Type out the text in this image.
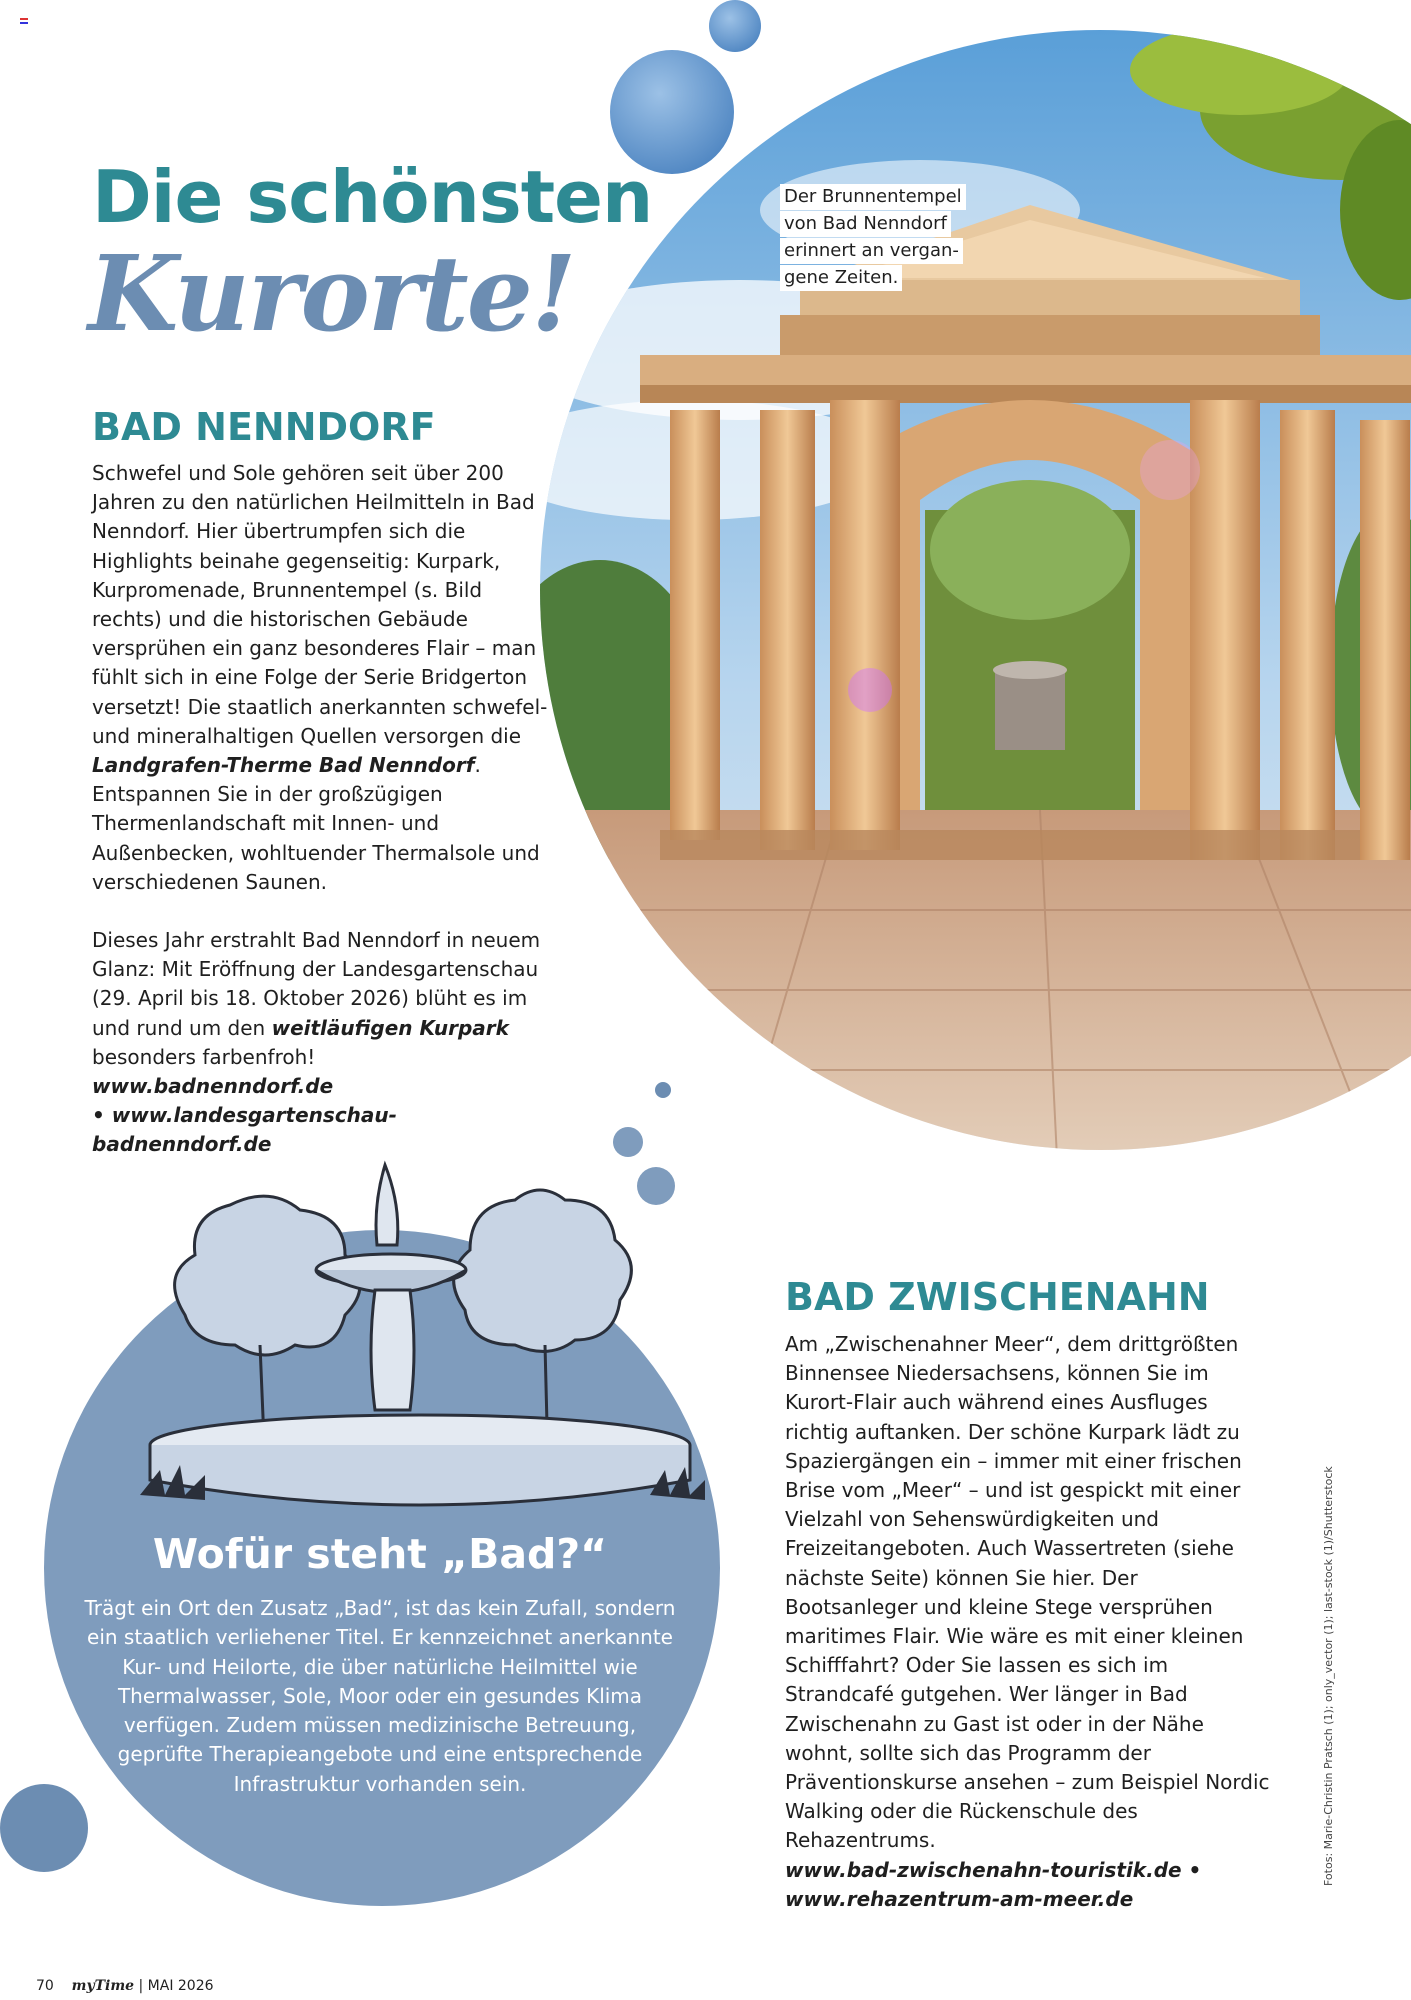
Die schönsten
Kurorte!
Der Brunnentempel
von Bad Nenndorf
erinnert an vergan-
gene Zeiten.
BAD NENNDORF

Schwefel und Sole gehören seit über 200 Jahren zu den natürlichen Heilmitteln in Bad Nenndorf. Hier übertrumpfen sich die Highlights beinahe gegenseitig: Kurpark, Kurpromenade, Brunnentempel (s. Bild rechts) und die historischen Gebäude versprühen ein ganz besonderes Flair – man fühlt sich in eine Folge der Serie Bridgerton versetzt! Die staatlich anerkannten schwefel- und mineralhaltigen Quellen versorgen die Landgrafen-Therme Bad Nenndorf. Entspannen Sie in der großzügigen Thermenlandschaft mit Innen- und Außenbecken, wohltuender Thermalsole und verschiedenen Saunen.

Dieses Jahr erstrahlt Bad Nenndorf in neuem Glanz: Mit Eröffnung der Landesgartenschau (29. April bis 18. Oktober 2026) blüht es im und rund um den weitläufigen Kurpark besonders farbenfroh! www.badnenndorf.de
• www.landesgartenschau-badnenndorf.de

Wofür steht „Bad?“
Trägt ein Ort den Zusatz „Bad“, ist das kein Zufall, sondern ein staatlich verliehener Titel. Er kennzeichnet anerkannte Kur- und Heilorte, die über natürliche Heilmittel wie Thermalwasser, Sole, Moor oder ein gesundes Klima verfügen. Zudem müssen medizinische Betreuung, geprüfte Therapieangebote und eine entsprechende Infrastruktur vorhanden sein.
BAD ZWISCHENAHN

Am „Zwischenahner Meer“, dem drittgrößten Binnensee Niedersachsens, können Sie im Kurort-Flair auch während eines Ausfluges richtig auftanken. Der schöne Kurpark lädt zu Spaziergängen ein – immer mit einer frischen Brise vom „Meer“ – und ist gespickt mit einer Vielzahl von Sehenswürdigkeiten und Freizeitangeboten. Auch Wassertreten (siehe nächste Seite) können Sie hier. Der Bootsanleger und kleine Stege versprühen maritimes Flair. Wie wäre es mit einer kleinen Schifffahrt? Oder Sie lassen es sich im Strandcafé gutgehen. Wer länger in Bad Zwischenahn zu Gast ist oder in der Nähe wohnt, sollte sich das Programm der Präventionskurse ansehen – zum Beispiel Nordic Walking oder die Rückenschule des Rehazentrums.

www.bad-zwischenahn-touristik.de •
www.rehazentrum-am-meer.de

70 myTime | MAI 2026
Fotos: Marie-Christin Pratsch (1); only_vector (1); last-stock (1)/Shutterstock
